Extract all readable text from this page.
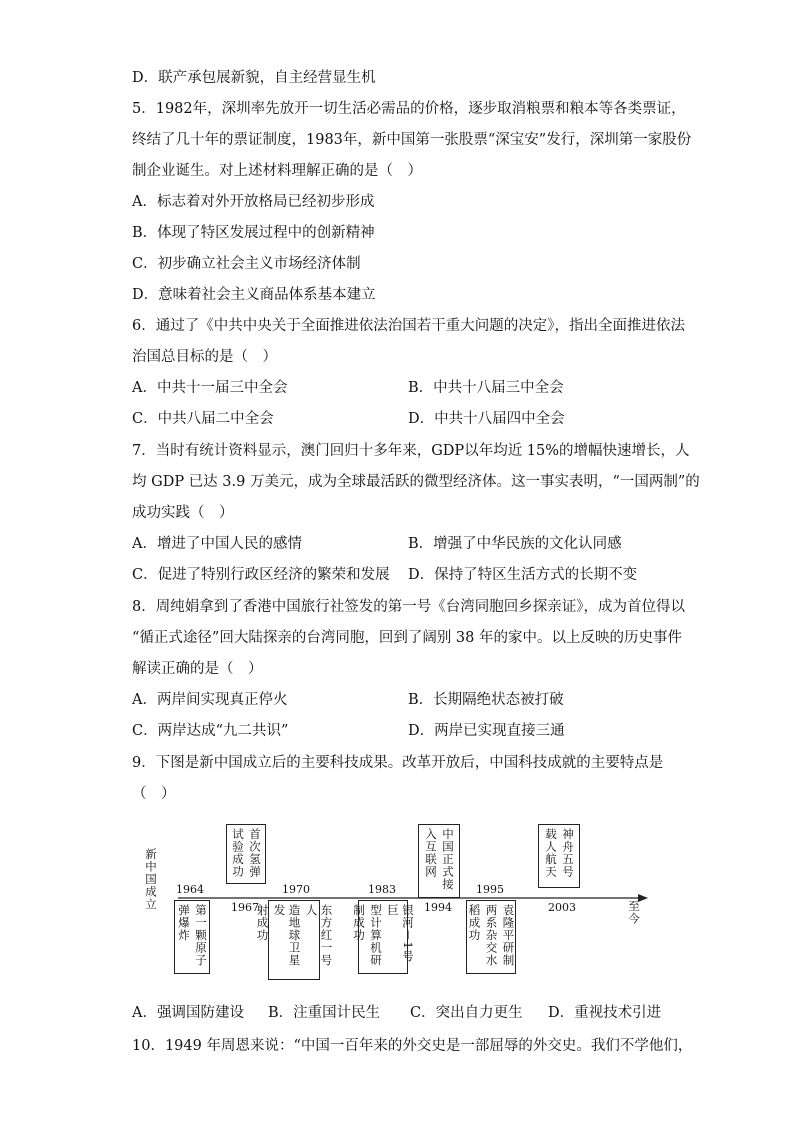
D．联产承包展新貌，自主经营显生机
5．1982年，深圳率先放开一切生活必需品的价格，逐步取消粮票和粮本等各类票证，
终结了几十年的票证制度，1983年，新中国第一张股票“深宝安”发行，深圳第一家股份
制企业诞生。对上述材料理解正确的是（　）
A．标志着对外开放格局已经初步形成
B．体现了特区发展过程中的创新精神
C．初步确立社会主义市场经济体制
D．意味着社会主义商品体系基本建立
6．通过了《中共中央关于全面推进依法治国若干重大问题的决定》，指出全面推进依法
治国总目标的是（　）
A．中共十一届三中全会	B．中共十八届三中全会
C．中共八届二中全会	D．中共十八届四中全会
7．当时有统计资料显示，澳门回归十多年来，GDP以年均近 15%的增幅快速增长，人
均 GDP 已达 3.9 万美元，成为全球最活跃的微型经济体。这一事实表明，“一国两制”的
成功实践（　）
A．增进了中国人民的感情	B．增强了中华民族的文化认同感
C．促进了特别行政区经济的繁荣和发展 D．保持了特区生活方式的长期不变
8．周纯娟拿到了香港中国旅行社签发的第一号《台湾同胞回乡探亲证》，成为首位得以
“循正式途径”回大陆探亲的台湾同胞，回到了阔别 38 年的家中。以上反映的历史事件
解读正确的是（　）
A．两岸间实现真正停火	B．长期隔绝状态被打破
C．两岸达成“九二共识”	D．两岸已实现直接三通
9．下图是新中国成立后的主要科技成果。改革开放后，中国科技成就的主要特点是
（　）
新中国成立
至今
1964
1967
1970	1983
1994
1995
2003
第一颗原子
弹爆炸
首次氢弹
试验成功
东方红一号人
造地球卫星发
射成功	银河－1号巨
型计算机研
制成功
中国正式接
入互联网
袁隆平研制
两系杂交水
稻成功
神舟五号
载人航天
A．强调国防建设 B．注重国计民生 C．突出自力更生 D．重视技术引进
10．1949 年周恩来说：“中国一百年来的外交史是一部屈辱的外交史。我们不学他们，
